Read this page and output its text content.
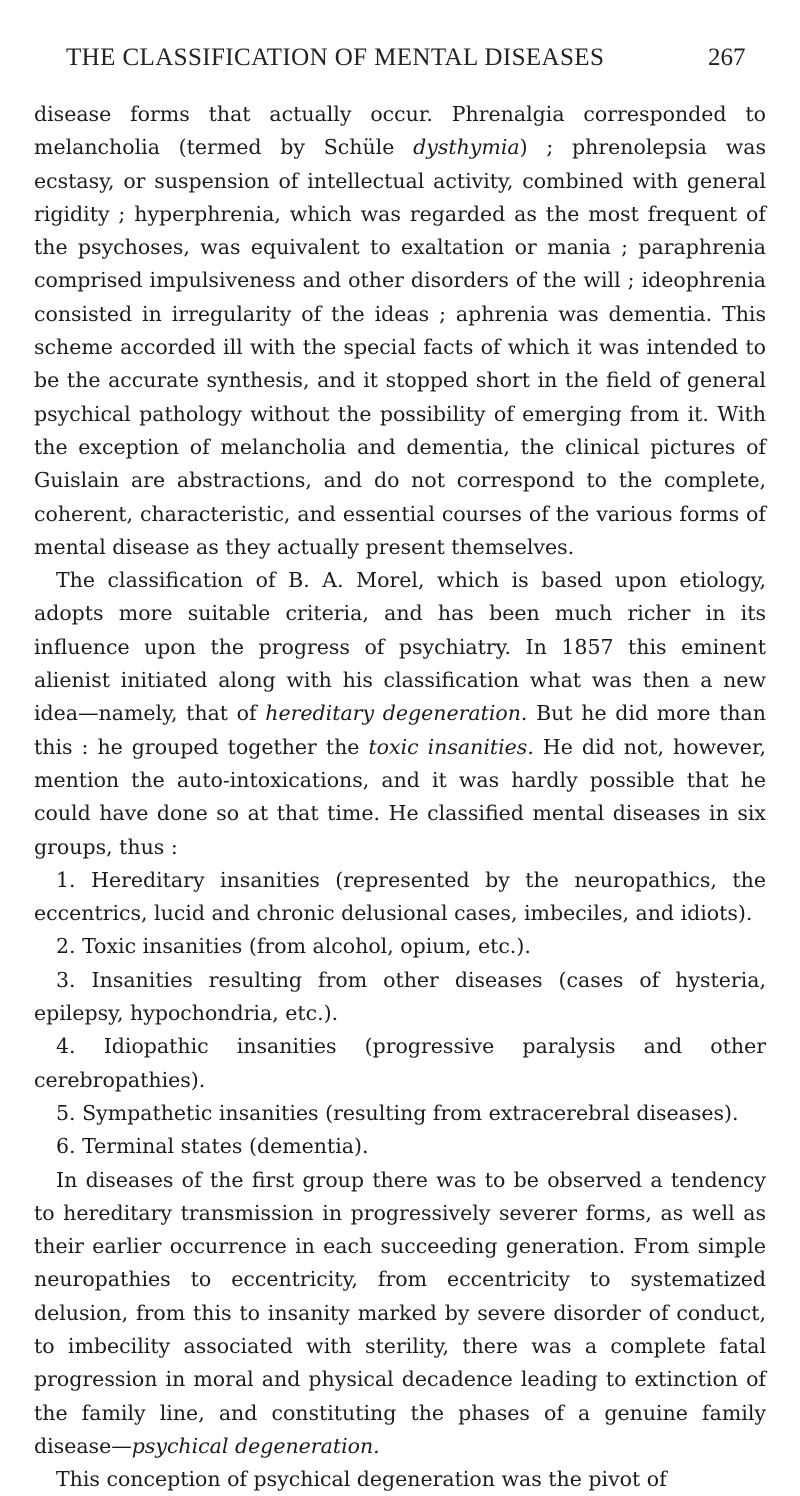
THE CLASSIFICATION OF MENTAL DISEASES	267

disease forms that actually occur. Phrenalgia corresponded to melancholia (termed by Schüle dysthymia) ; phrenolepsia was ecstasy, or suspension of intellectual activity, combined with general rigidity ; hyperphrenia, which was regarded as the most frequent of the psychoses, was equivalent to exaltation or mania ; paraphrenia comprised impulsiveness and other disorders of the will ; ideophrenia consisted in irregularity of the ideas ; aphrenia was dementia. This scheme accorded ill with the special facts of which it was intended to be the accurate synthesis, and it stopped short in the field of general psychical pathology without the possibility of emerging from it. With the exception of melancholia and dementia, the clinical pictures of Guislain are abstractions, and do not correspond to the complete, coherent, characteristic, and essential courses of the various forms of mental disease as they actually present themselves.

The classification of B. A. Morel, which is based upon etiology, adopts more suitable criteria, and has been much richer in its influence upon the progress of psychiatry. In 1857 this eminent alienist initiated along with his classification what was then a new idea—namely, that of hereditary degeneration. But he did more than this : he grouped together the toxic insanities. He did not, however, mention the auto-intoxications, and it was hardly possible that he could have done so at that time. He classified mental diseases in six groups, thus :

1. Hereditary insanities (represented by the neuropathics, the eccentrics, lucid and chronic delusional cases, imbeciles, and idiots).

2. Toxic insanities (from alcohol, opium, etc.).

3. Insanities resulting from other diseases (cases of hysteria, epilepsy, hypochondria, etc.).

4. Idiopathic insanities (progressive paralysis and other cerebropathies).

5. Sympathetic insanities (resulting from extracerebral diseases).

6. Terminal states (dementia).

In diseases of the first group there was to be observed a tendency to hereditary transmission in progressively severer forms, as well as their earlier occurrence in each succeeding generation. From simple neuropathies to eccentricity, from eccentricity to systematized delusion, from this to insanity marked by severe disorder of conduct, to imbecility associated with sterility, there was a complete fatal progression in moral and physical decadence leading to extinction of the family line, and constituting the phases of a genuine family disease—psychical degeneration.

This conception of psychical degeneration was the pivot of
